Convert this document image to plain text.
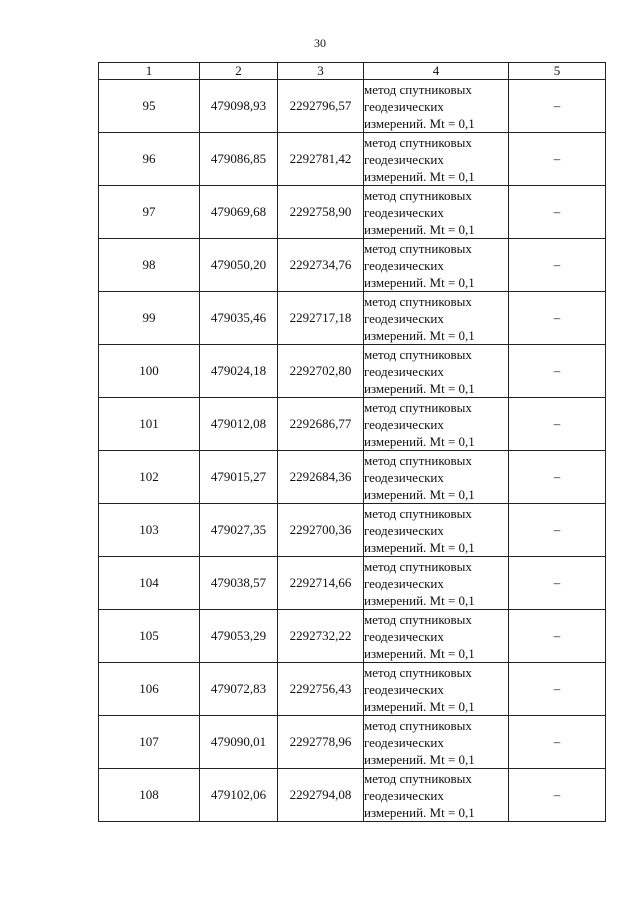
30
1	2	3	4	5
95	479098,93	2292796,57	метод спутниковых
геодезических
измерений. Mt = 0,1	–
96	479086,85	2292781,42	метод спутниковых
геодезических
измерений. Mt = 0,1	–
97	479069,68	2292758,90	метод спутниковых
геодезических
измерений. Mt = 0,1	–
98	479050,20	2292734,76	метод спутниковых
геодезических
измерений. Mt = 0,1	–
99	479035,46	2292717,18	метод спутниковых
геодезических
измерений. Mt = 0,1	–
100	479024,18	2292702,80	метод спутниковых
геодезических
измерений. Mt = 0,1	–
101	479012,08	2292686,77	метод спутниковых
геодезических
измерений. Mt = 0,1	–
102	479015,27	2292684,36	метод спутниковых
геодезических
измерений. Mt = 0,1	–
103	479027,35	2292700,36	метод спутниковых
геодезических
измерений. Mt = 0,1	–
104	479038,57	2292714,66	метод спутниковых
геодезических
измерений. Mt = 0,1	–
105	479053,29	2292732,22	метод спутниковых
геодезических
измерений. Mt = 0,1	–
106	479072,83	2292756,43	метод спутниковых
геодезических
измерений. Mt = 0,1	–
107	479090,01	2292778,96	метод спутниковых
геодезических
измерений. Mt = 0,1	–
108	479102,06	2292794,08	метод спутниковых
геодезических
измерений. Mt = 0,1	–
